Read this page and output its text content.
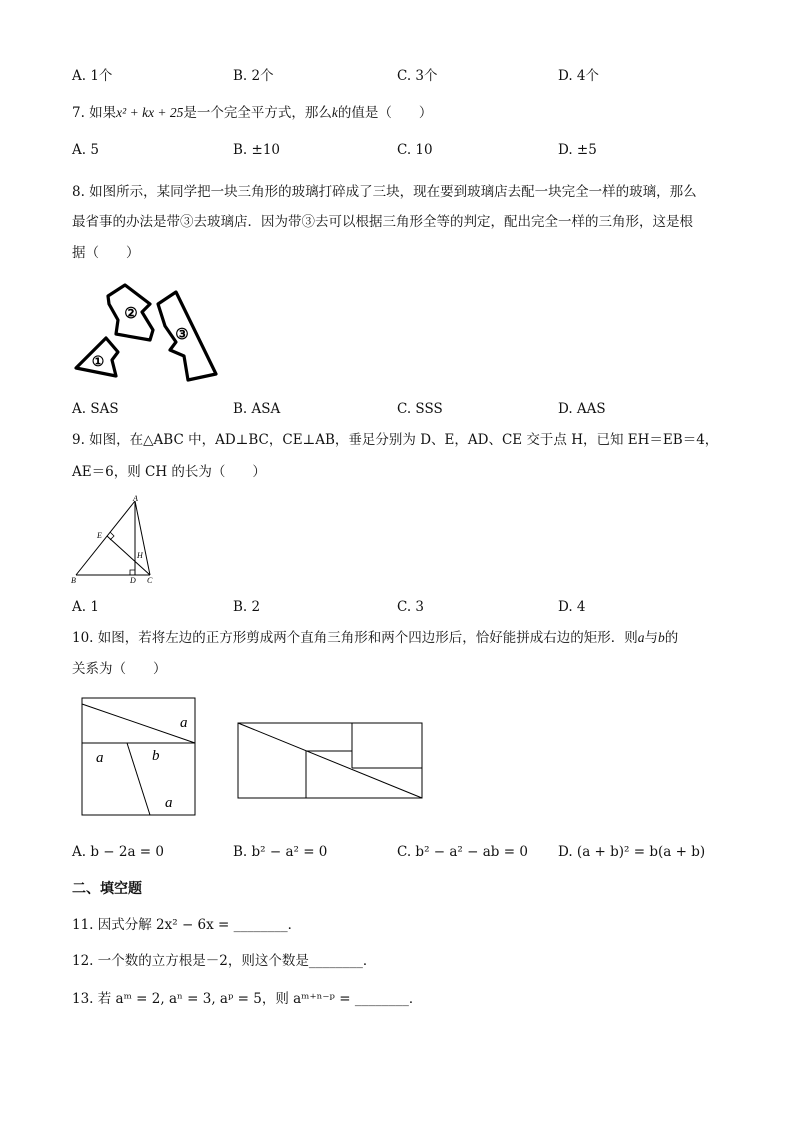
A. 1个	B. 2个	C. 3个	D. 4个
7. 如果x² + kx + 25是一个完全平方式，那么k的值是（　　）
A. 5	B. ±10	C. 10	D. ±5
8. 如图所示，某同学把一块三角形的玻璃打碎成了三块，现在要到玻璃店去配一块完全一样的玻璃，那么
最省事的办法是带③去玻璃店．因为带③去可以根据三角形全等的判定，配出完全一样的三角形，这是根
据（　　）
②
③
①
A. SAS	B. ASA	C. SSS	D. AAS
9. 如图，在△ABC 中，AD⊥BC，CE⊥AB，垂足分别为 D、E，AD、CE 交于点 H，已知 EH＝EB＝4，
AE＝6，则 CH 的长为（　　）
A
B	C
D
E
H
A. 1	B. 2	C. 3	D. 4
10. 如图，若将左边的正方形剪成两个直角三角形和两个四边形后，恰好能拼成右边的矩形．则a与b的
关系为（　　）
a
a	b
a
A. b − 2a = 0	B. b² − a² = 0	C. b² − a² − ab = 0 D. (a + b)² = b(a + b)
二、填空题
11. 因式分解 2x² − 6x = ________．
12. 一个数的立方根是－2，则这个数是________．
13. 若 aᵐ = 2, aⁿ = 3, aᵖ = 5，则 aᵐ⁺ⁿ⁻ᵖ = ________．
